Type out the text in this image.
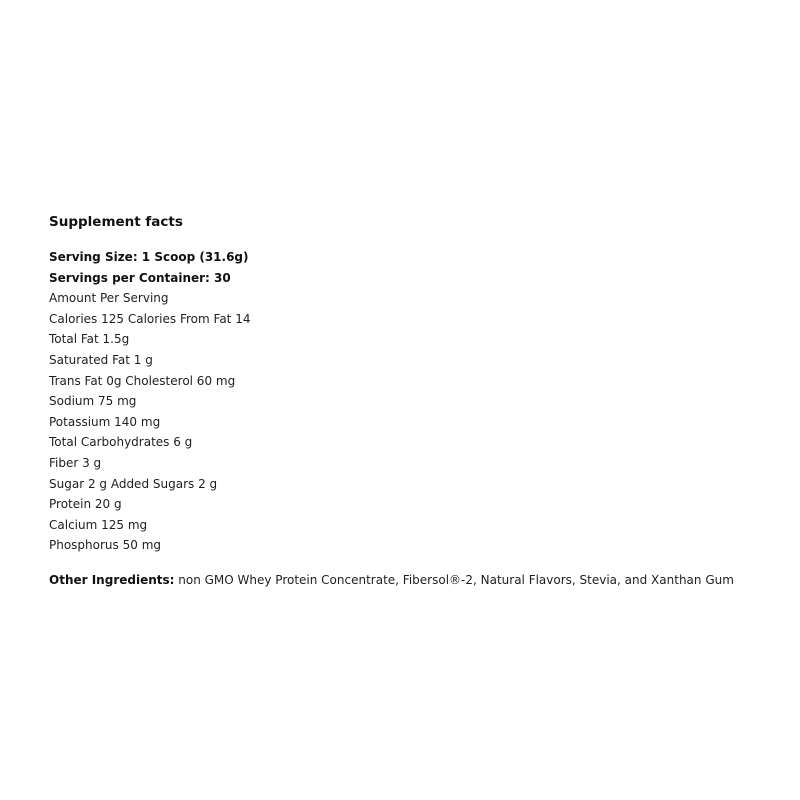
Supplement facts
Serving Size: 1 Scoop (31.6g)
Servings per Container: 30
Amount Per Serving
Calories 125 Calories From Fat 14
Total Fat 1.5g
Saturated Fat 1 g
Trans Fat 0g Cholesterol 60 mg
Sodium 75 mg
Potassium 140 mg
Total Carbohydrates 6 g
Fiber 3 g
Sugar 2 g Added Sugars 2 g
Protein 20 g
Calcium 125 mg
Phosphorus 50 mg
Other Ingredients: non GMO Whey Protein Concentrate, Fibersol®-2, Natural Flavors, Stevia, and Xanthan Gum
